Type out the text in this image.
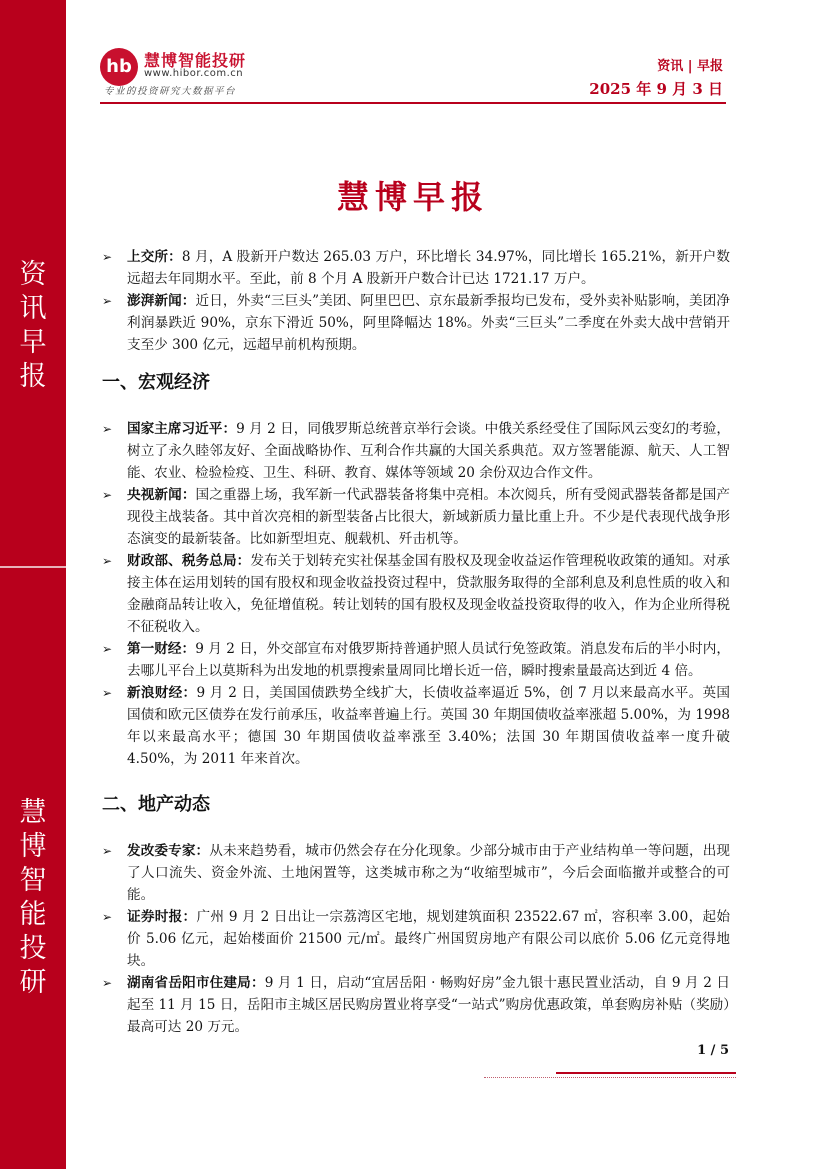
资
讯
早
报
慧
博
智
能
投
研
hb 慧博智能投研
www.hibor.com.cn
专业的投资研究大数据平台
资讯 | 早报
2025 年 9 月 3 日
慧博早报
➢ 上交所：8 月，A 股新开户数达 265.03 万户，环比增长 34.97%，同比增长 165.21%，新开户数远超去年同期水平。至此，前 8 个月 A 股新开户数合计已达 1721.17 万户。
➢ 澎湃新闻：近日，外卖“三巨头”美团、阿里巴巴、京东最新季报均已发布，受外卖补贴影响，美团净利润暴跌近 90%，京东下滑近 50%，阿里降幅达 18%。外卖“三巨头”二季度在外卖大战中营销开支至少 300 亿元，远超早前机构预期。
一、宏观经济
➢ 国家主席习近平：9 月 2 日，同俄罗斯总统普京举行会谈。中俄关系经受住了国际风云变幻的考验，树立了永久睦邻友好、全面战略协作、互利合作共赢的大国关系典范。双方签署能源、航天、人工智能、农业、检验检疫、卫生、科研、教育、媒体等领域 20 余份双边合作文件。
➢ 央视新闻：国之重器上场，我军新一代武器装备将集中亮相。本次阅兵，所有受阅武器装备都是国产现役主战装备。其中首次亮相的新型装备占比很大，新域新质力量比重上升。不少是代表现代战争形态演变的最新装备。比如新型坦克、舰载机、歼击机等。
➢ 财政部、税务总局：发布关于划转充实社保基金国有股权及现金收益运作管理税收政策的通知。对承接主体在运用划转的国有股权和现金收益投资过程中，贷款服务取得的全部利息及利息性质的收入和金融商品转让收入，免征增值税。转让划转的国有股权及现金收益投资取得的收入，作为企业所得税不征税收入。
➢ 第一财经：9 月 2 日，外交部宣布对俄罗斯持普通护照人员试行免签政策。消息发布后的半小时内，去哪儿平台上以莫斯科为出发地的机票搜索量周同比增长近一倍，瞬时搜索量最高达到近 4 倍。
➢ 新浪财经：9 月 2 日，美国国债跌势全线扩大，长债收益率逼近 5%，创 7 月以来最高水平。英国国债和欧元区债券在发行前承压，收益率普遍上行。英国 30 年期国债收益率涨超 5.00%，为 1998 年以来最高水平；德国 30 年期国债收益率涨至 3.40%；法国 30 年期国债收益率一度升破 4.50%，为 2011 年来首次。
二、地产动态
➢ 发改委专家：从未来趋势看，城市仍然会存在分化现象。少部分城市由于产业结构单一等问题，出现了人口流失、资金外流、土地闲置等，这类城市称之为“收缩型城市”，今后会面临撤并或整合的可能。
➢ 证券时报：广州 9 月 2 日出让一宗荔湾区宅地，规划建筑面积 23522.67 ㎡，容积率 3.00，起始价 5.06 亿元，起始楼面价 21500 元/㎡。最终广州国贸房地产有限公司以底价 5.06 亿元竞得地块。
➢ 湖南省岳阳市住建局：9 月 1 日，启动“宜居岳阳 · 畅购好房”金九银十惠民置业活动，自 9 月 2 日起至 11 月 15 日，岳阳市主城区居民购房置业将享受“一站式”购房优惠政策，单套购房补贴（奖励）最高可达 20 万元。
1 / 5
